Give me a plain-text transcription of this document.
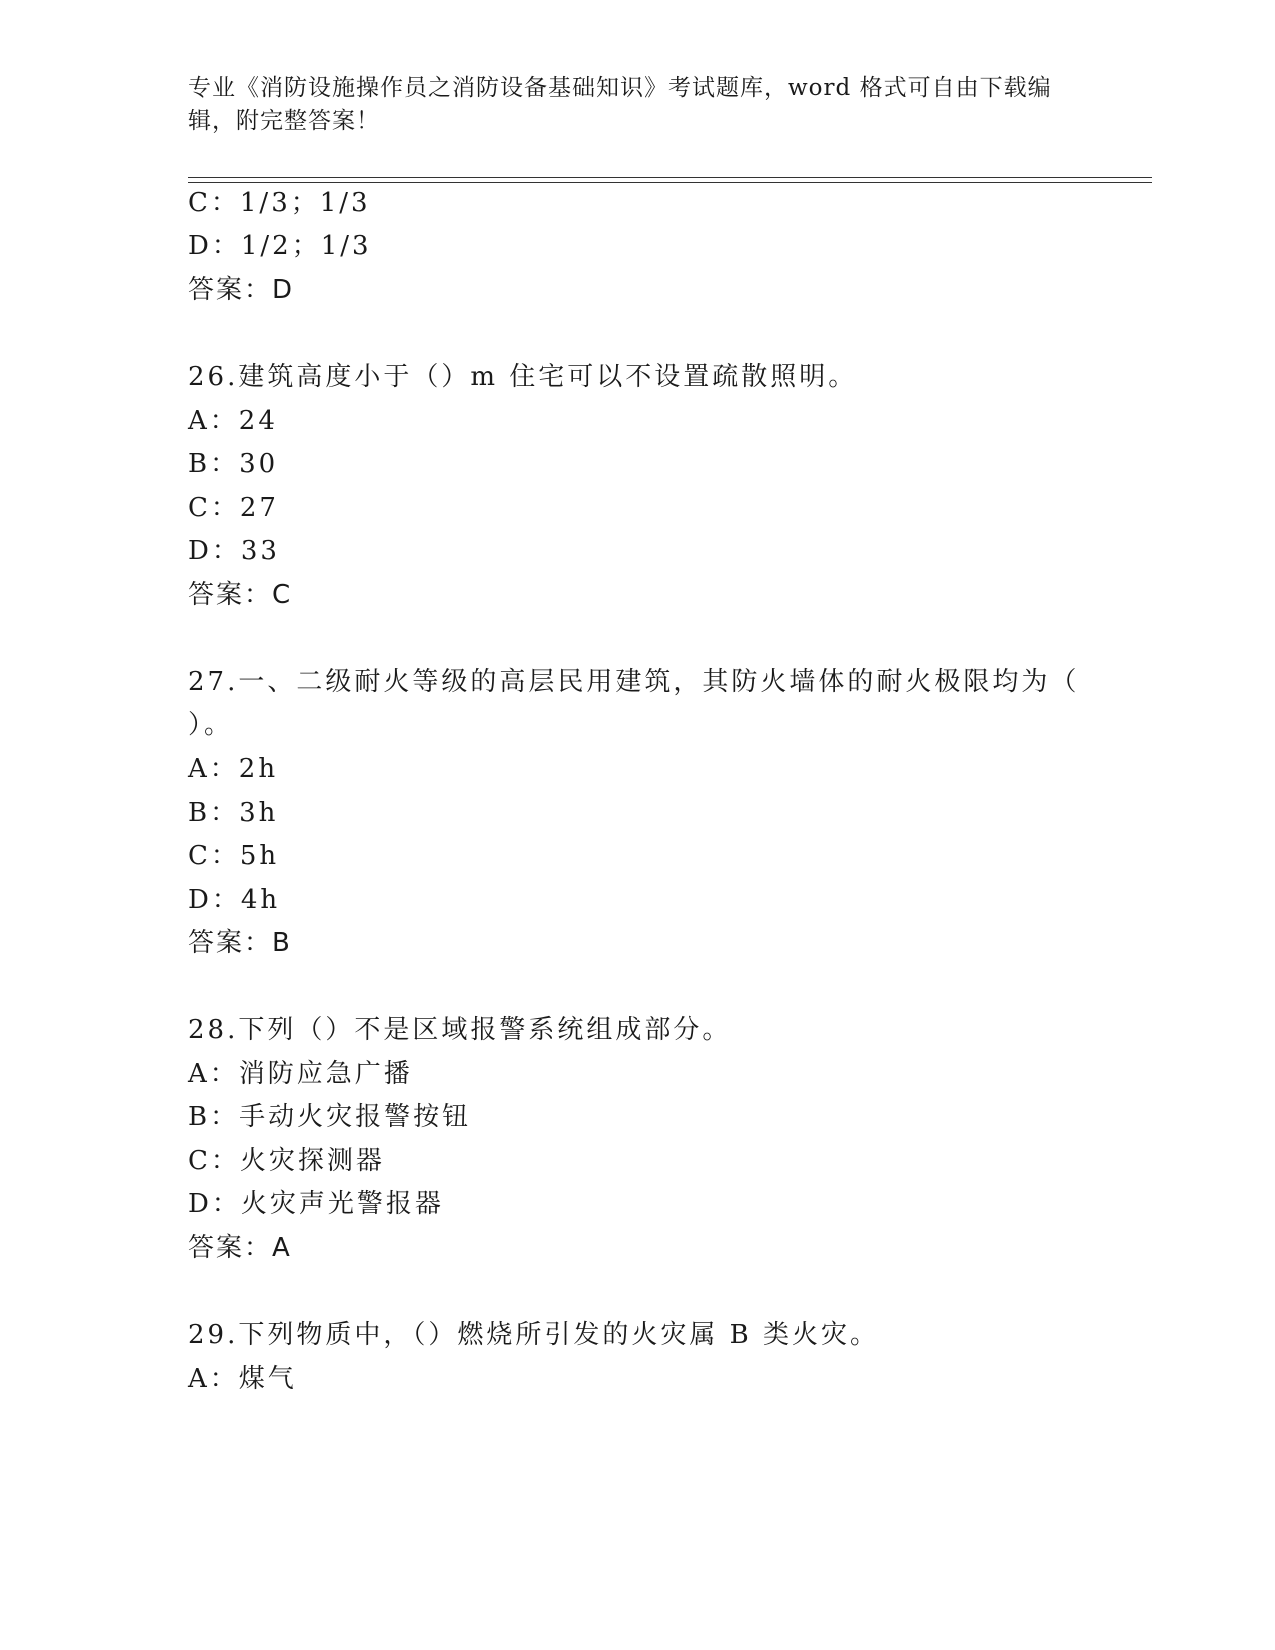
专业《消防设施操作员之消防设备基础知识》考试题库，word 格式可自由下载编辑，附完整答案！
C：1/3；1/3
D：1/2；1/3
答案：D
26.建筑高度小于（）m 住宅可以不设置疏散照明。
A：24
B：30
C：27
D：33
答案：C
27.一、二级耐火等级的高层民用建筑，其防火墙体的耐火极限均为（
）。
A：2h
B：3h
C：5h
D：4h
答案：B
28.下列（）不是区域报警系统组成部分。
A：消防应急广播
B：手动火灾报警按钮
C：火灾探测器
D：火灾声光警报器
答案：A
29.下列物质中，（）燃烧所引发的火灾属 B 类火灾。
A：煤气
